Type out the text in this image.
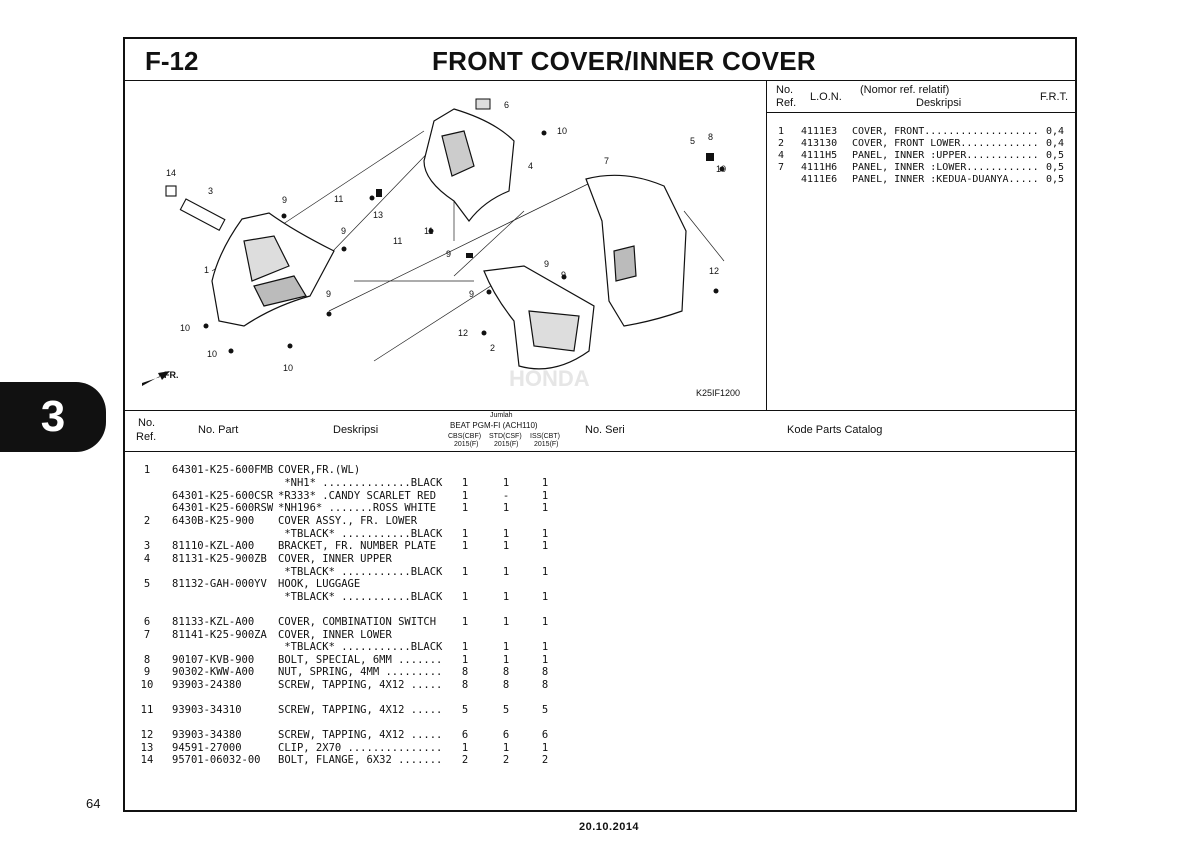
3
F-12	FRONT COVER/INNER COVER
1
2
3
4
5
6
7
8
9
9
9
9
9
9
9
10
10
10
10
10
11
11
11
12
12
13
14
FR.	HONDA
K25IF1200
No.
Ref. L.O.N.
(Nomor ref. relatif)
Deskripsi	F.R.T.
1 4111E3 COVER, FRONT................... 0,4
2 413130 COVER, FRONT LOWER............. 0,4
4 4111H5 PANEL, INNER :UPPER............ 0,5
7 4111H6 PANEL, INNER :LOWER............ 0,5
4111E6 PANEL, INNER :KEDUA-DUANYA..... 0,5
No.
Ref.
No. Part	Deskripsi
Jumlah
BEAT PGM-FI (ACH110)
CBS(CBF)
2015(F)
STD(CSF)
2015(F)
ISS(CBT)
2015(F)
No. Seri	Kode Parts Catalog
1	64301-K25-600FMB COVER,FR.(WL)
*NH1* ..............BLACK	1	1	1
64301-K25-600CSR *R333* .CANDY SCARLET RED	1	-	1
64301-K25-600RSW *NH196* .......ROSS WHITE	1	1	1
2	6430B-K25-900 COVER ASSY., FR. LOWER
*TBLACK* ...........BLACK	1	1	1
3	81110-KZL-A00 BRACKET, FR. NUMBER PLATE	1	1	1
4	81131-K25-900ZB COVER, INNER UPPER
*TBLACK* ...........BLACK	1	1	1
5	81132-GAH-000YV HOOK, LUGGAGE
*TBLACK* ...........BLACK	1	1	1
6	81133-KZL-A00 COVER, COMBINATION SWITCH	1	1	1
7	81141-K25-900ZA COVER, INNER LOWER
*TBLACK* ...........BLACK	1	1	1
8	90107-KVB-900 BOLT, SPECIAL, 6MM .......	1	1	1
9	90302-KWW-A00 NUT, SPRING, 4MM .........	8	8	8
10 93903-24380	SCREW, TAPPING, 4X12 .....	8	8	8
11 93903-34310	SCREW, TAPPING, 4X12 .....	5	5	5
12 93903-34380	SCREW, TAPPING, 4X12 .....	6	6	6
13 94591-27000	CLIP, 2X70 ...............	1	1	1
14 95701-06032-00 BOLT, FLANGE, 6X32 .......	2	2	2
64
20.10.2014
